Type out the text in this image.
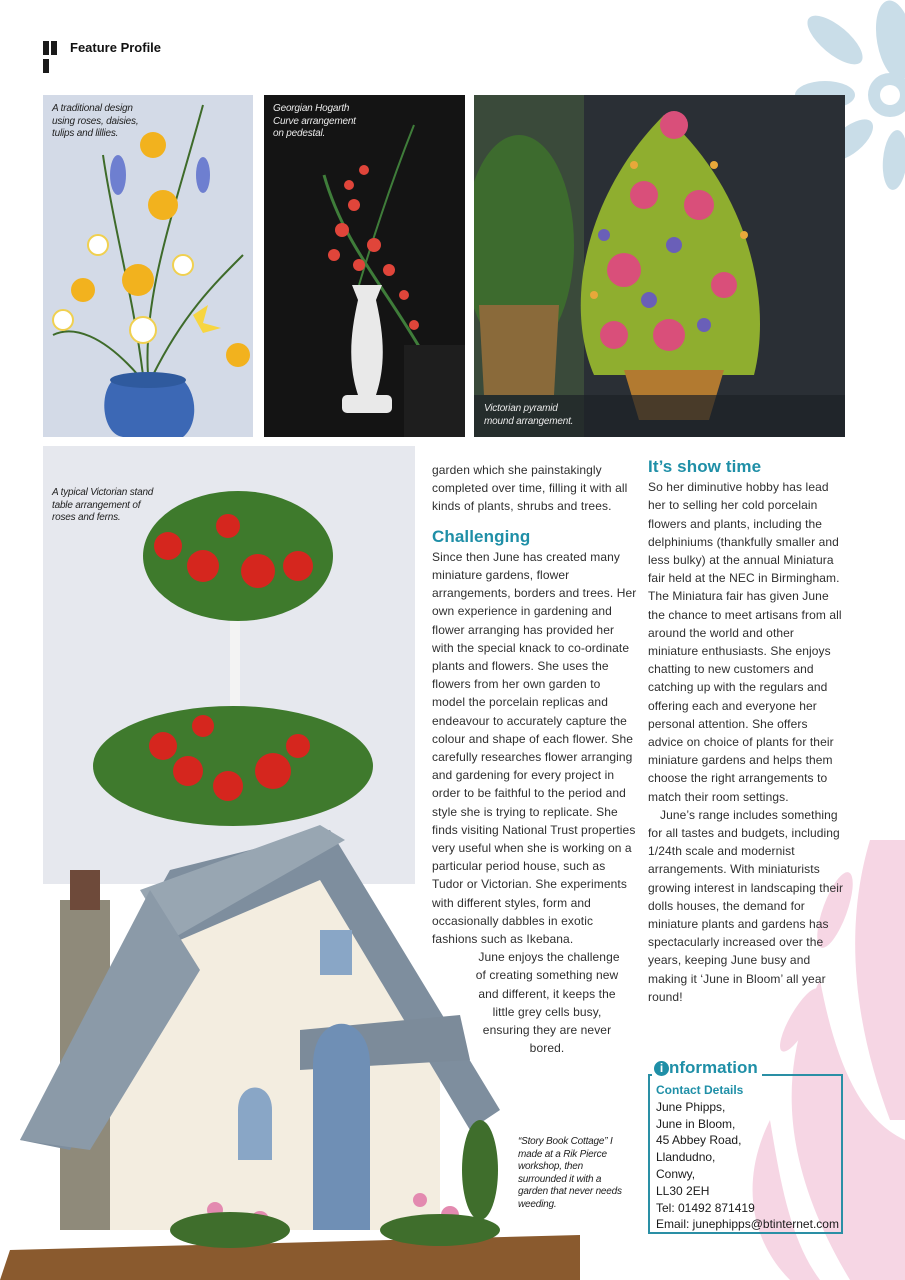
Feature Profile
A traditional design using roses, daisies, tulips and lillies.
Georgian Hogarth Curve arrangement on pedestal.
Victorian pyramid mound arrangement.
A typical Victorian stand table arrangement of roses and ferns.
“Story Book Cottage” I made at a Rik Pierce workshop, then surrounded it with a garden that never needs weeding.

garden which she painstakingly completed over time, filling it with all kinds of plants, shrubs and trees.

Challenging

Since then June has created many miniature gardens, flower arrangements, borders and trees. Her own experience in gardening and flower arranging has provided her with the special knack to co-ordinate plants and flowers. She uses the flowers from her own garden to model the porcelain replicas and endeavour to accurately capture the colour and shape of each flower. She carefully researches flower arranging and gardening for every project in order to be faithful to the period and style she is trying to replicate. She finds visiting National Trust properties very useful when she is working on a particular period house, such as Tudor or Victorian. She experiments with different styles, form and occasionally dabbles in exotic fashions such as Ikebana.

June enjoys the challenge of creating something new and different, it keeps the little grey cells busy, ensuring they are never bored.

It’s show time

So her diminutive hobby has lead her to selling her cold porcelain flowers and plants, including the delphiniums (thankfully smaller and less bulky) at the annual Miniatura fair held at the NEC in Birmingham. The Miniatura fair has given June the chance to meet artisans from all around the world and other miniature enthusiasts. She enjoys chatting to new customers and catching up with the regulars and offering each and everyone her personal attention. She offers advice on choice of plants for their miniature gardens and helps them choose the right arrangements to match their room settings.

June’s range includes something for all tastes and budgets, including 1/24th scale and modernist arrangements. With miniaturists growing interest in landscaping their dolls houses, the demand for miniature plants and gardens has spectacularly increased over the years, keeping June busy and making it ‘June in Bloom’ all year round!

i nformation
Contact Details
June Phipps,
June in Bloom,
45 Abbey Road,
Llandudno,
Conwy,
LL30 2EH
Tel: 01492 871419
Email: junephipps@btinternet.com
